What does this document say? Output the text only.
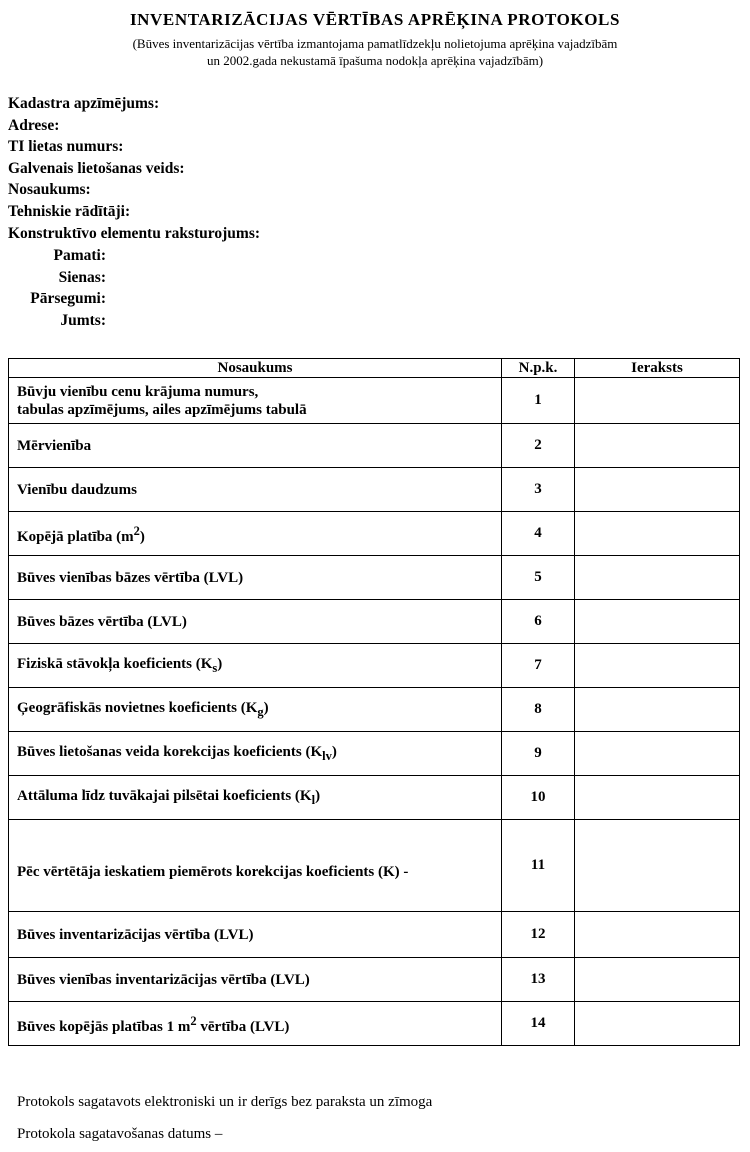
INVENTARIZĀCIJAS VĒRTĪBAS APRĒĶINA PROTOKOLS
(Būves inventarizācijas vērtība izmantojama pamatlīdzekļu nolietojuma aprēķina vajadzībām
un 2002.gada nekustamā īpašuma nodokļa aprēķina vajadzībām)
Kadastra apzīmējums:
Adrese:
TI lietas numurs:
Galvenais lietošanas veids:
Nosaukums:
Tehniskie rādītāji:
Konstruktīvo elementu raksturojums:
Pamati:
Sienas:
Pārsegumi:
Jumts:
Nosaukums	N.p.k.	Ieraksts

Būvju vienību cenu krājuma numurs,
tabulas apzīmējums, ailes apzīmējums tabulā	1	
Mērvienība	2	
Vienību daudzums	3	
Kopējā platība $(m^2)$	4	
Būves vienības bāzes vērtība (LVL)	5	
Būves bāzes vērtība (LVL)	6	
Fiziskā stāvokļa koeficients $(K_s)$	7	
Ģeogrāfiskās novietnes koeficients $(K_g)$	8	
Būves lietošanas veida korekcijas koeficients $(K_{lv})$	9	
Attāluma līdz tuvākajai pilsētai koeficients $(K_l)$	10	
Pēc vērtētāja ieskatiem piemērots korekcijas koeficients (K) -	11	
Būves inventarizācijas vērtība (LVL)	12	
Būves vienības inventarizācijas vērtība (LVL)	13	
Būves kopējās platības 1 $m^2$ vērtība (LVL)	14	
Protokols sagatavots elektroniski un ir derīgs bez paraksta un zīmoga
Protokola sagatavošanas datums –
